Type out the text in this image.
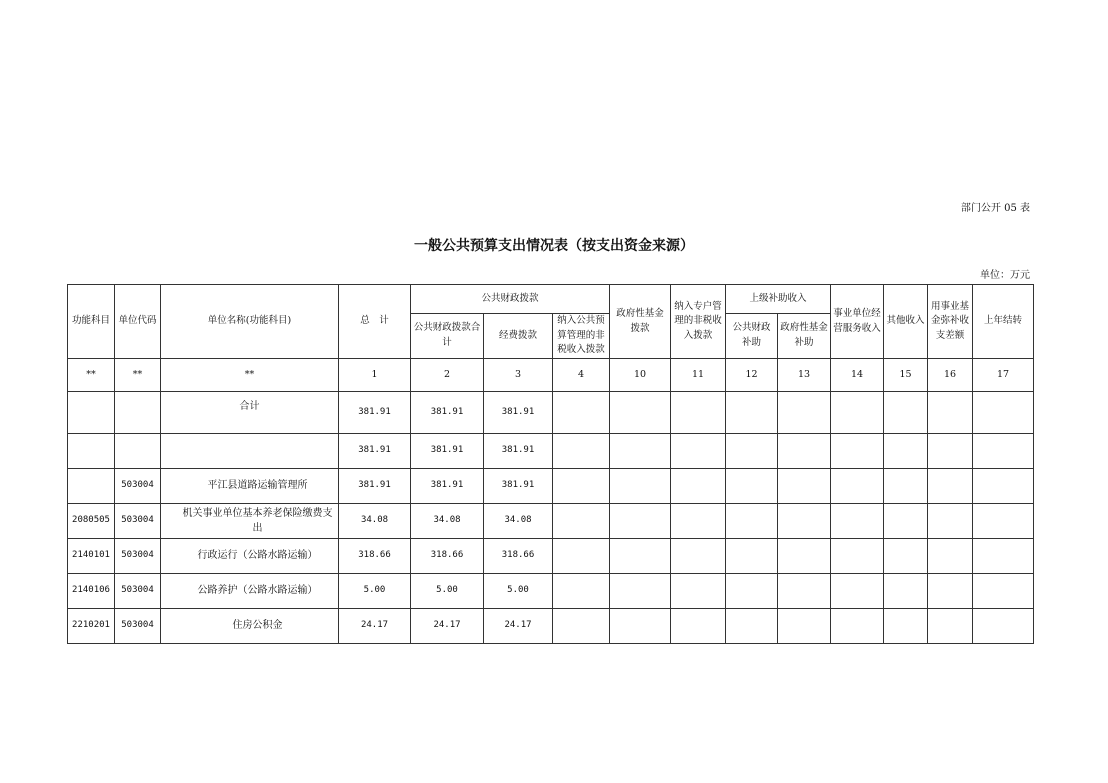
部门公开 05 表
一般公共预算支出情况表（按支出资金来源）
单位：万元
功能科目	单位代码	单位名称(功能科目)	总　计	公共财政拨款			政府性基金拨款	纳入专户管理的非税收入拨款	上级补助收入		事业单位经营服务收入	其他收入	用事业基金弥补收支差额	上年结转
				公共财政拨款合计	经费拨款	纳入公共预算管理的非税收入拨款								
									公共财政补助	政府性基金补助				
**	**	**	1	2	3	4	10	11	12	13	14	15	16	17
		合计	381.91	381.91	381.91									
			381.91	381.91	381.91									
	503004	平江县道路运输管理所	381.91	381.91	381.91									
2080505	503004	机关事业单位基本养老保险缴费支出	34.08	34.08	34.08									
2140101	503004	行政运行（公路水路运输）	318.66	318.66	318.66									
2140106	503004	公路养护（公路水路运输）	5.00	5.00	5.00									
2210201	503004	住房公积金	24.17	24.17	24.17									
